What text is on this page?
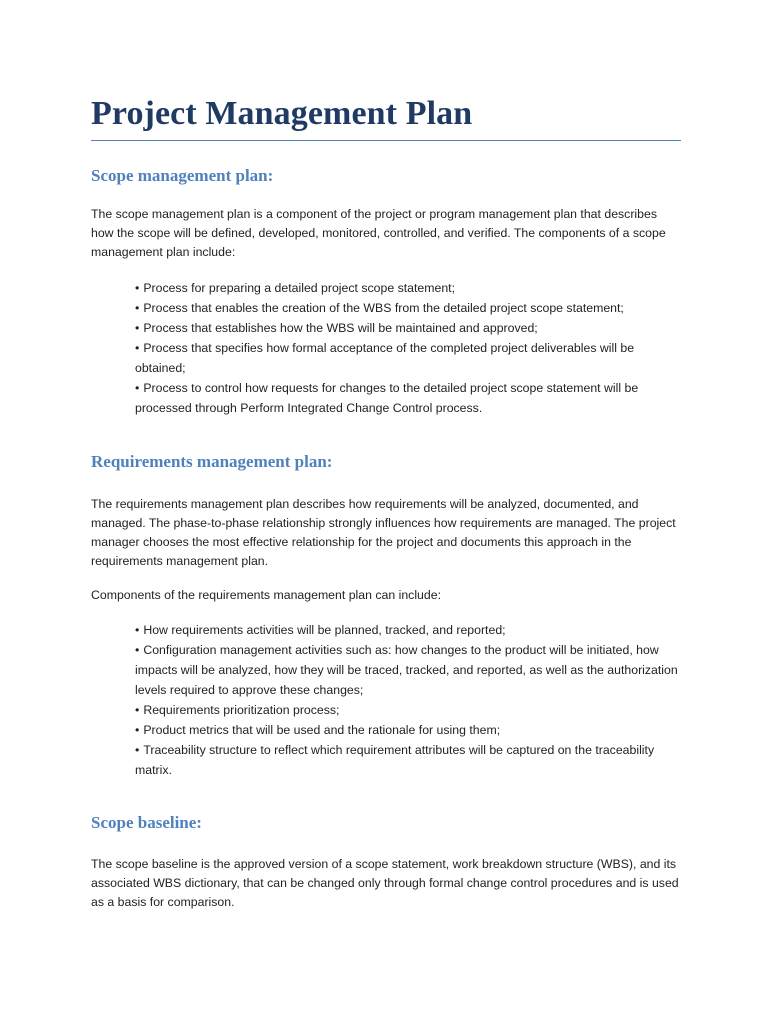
Project Management Plan
Scope management plan:

The scope management plan is a component of the project or program management plan that describes how the scope will be defined, developed, monitored, controlled, and verified. The components of a scope management plan include:

• Process for preparing a detailed project scope statement;
• Process that enables the creation of the WBS from the detailed project scope statement;
• Process that establishes how the WBS will be maintained and approved;
• Process that specifies how formal acceptance of the completed project deliverables will be obtained;
• Process to control how requests for changes to the detailed project scope statement will be processed through Perform Integrated Change Control process.
Requirements management plan:

The requirements management plan describes how requirements will be analyzed, documented, and managed. The phase-to-phase relationship strongly influences how requirements are managed. The project manager chooses the most effective relationship for the project and documents this approach in the requirements management plan.

Components of the requirements management plan can include:

• How requirements activities will be planned, tracked, and reported;
• Configuration management activities such as: how changes to the product will be initiated, how impacts will be analyzed, how they will be traced, tracked, and reported, as well as the authorization levels required to approve these changes;
• Requirements prioritization process;
• Product metrics that will be used and the rationale for using them;
• Traceability structure to reflect which requirement attributes will be captured on the traceability matrix.
Scope baseline:

The scope baseline is the approved version of a scope statement, work breakdown structure (WBS), and its associated WBS dictionary, that can be changed only through formal change control procedures and is used as a basis for comparison.
